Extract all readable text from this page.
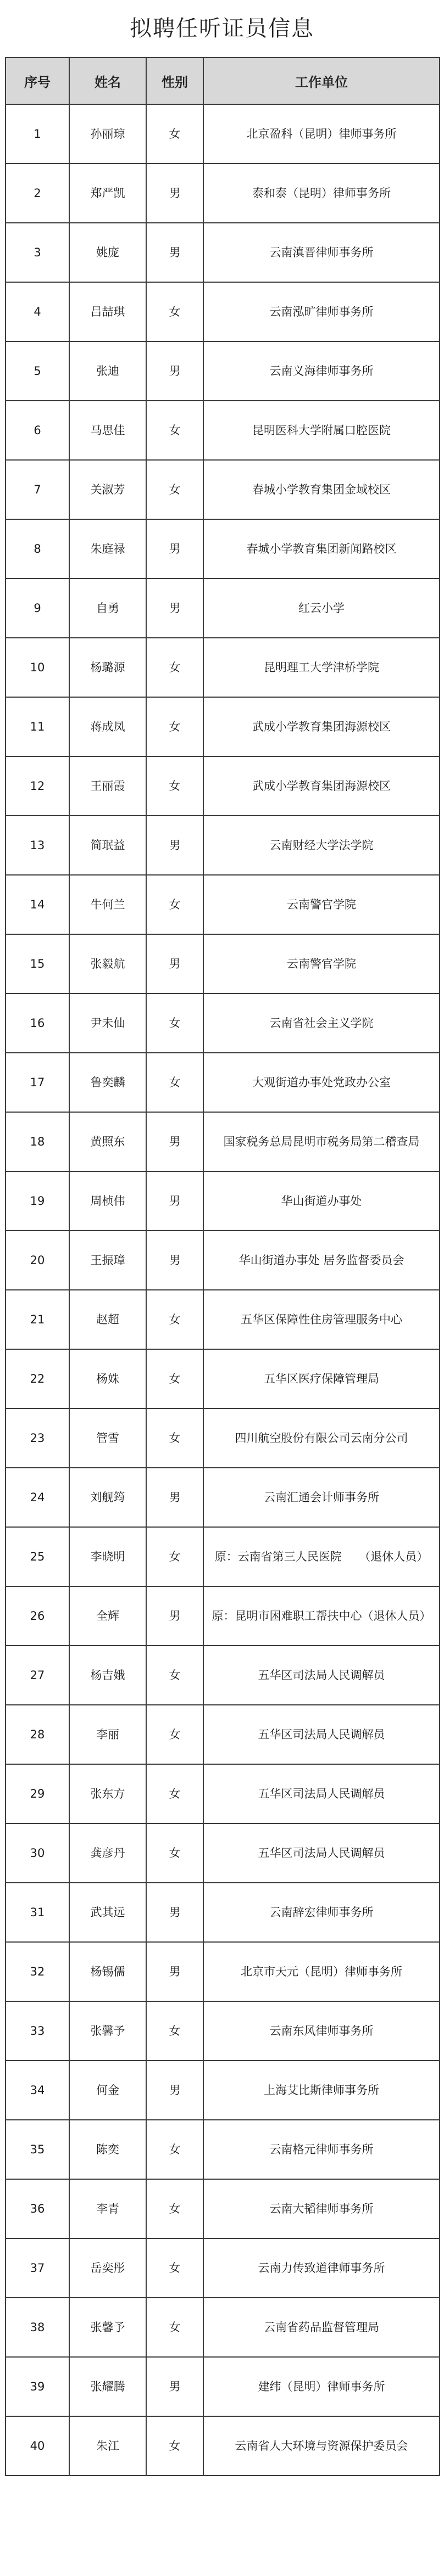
拟聘任听证员信息
序号	姓名	性别	工作单位
1	孙丽琼	女	北京盈科（昆明）律师事务所
2	郑严凯	男	泰和泰（昆明）律师事务所
3	姚庞	男	云南滇晋律师事务所
4	吕喆琪	女	云南泓旷律师事务所
5	张迪	男	云南义海律师事务所
6	马思佳	女	昆明医科大学附属口腔医院
7	关淑芳	女	春城小学教育集团金域校区
8	朱庭禄	男	春城小学教育集团新闻路校区
9	自勇	男	红云小学
10	杨璐源	女	昆明理工大学津桥学院
11	蒋成凤	女	武成小学教育集团海源校区
12	王丽霞	女	武成小学教育集团海源校区
13	简珉益	男	云南财经大学法学院
14	牛何兰	女	云南警官学院
15	张毅航	男	云南警官学院
16	尹未仙	女	云南省社会主义学院
17	鲁奕麟	女	大观街道办事处党政办公室
18	黄照东	男	国家税务总局昆明市税务局第二稽查局
19	周桢伟	男	华山街道办事处
20	王振璋	男	华山街道办事处 居务监督委员会
21	赵超	女	五华区保障性住房管理服务中心
22	杨姝	女	五华区医疗保障管理局
23	管雪	女	四川航空股份有限公司云南分公司
24	刘舰筠	男	云南汇通会计师事务所
25	李晓明	女	原：云南省第三人民医院　　（退休人员）
26	全辉	男	原：昆明市困难职工帮扶中心（退休人员）
27	杨吉娥	女	五华区司法局人民调解员
28	李丽	女	五华区司法局人民调解员
29	张东方	女	五华区司法局人民调解员
30	龚彦丹	女	五华区司法局人民调解员
31	武其远	男	云南辞宏律师事务所
32	杨锡儒	男	北京市天元（昆明）律师事务所
33	张馨予	女	云南东风律师事务所
34	何金	男	上海艾比斯律师事务所
35	陈奕	女	云南格元律师事务所
36	李青	女	云南大韬律师事务所
37	岳奕彤	女	云南力传致道律师事务所
38	张馨予	女	云南省药品监督管理局
39	张耀腾	男	建纬（昆明）律师事务所
40	朱江	女	云南省人大环境与资源保护委员会
